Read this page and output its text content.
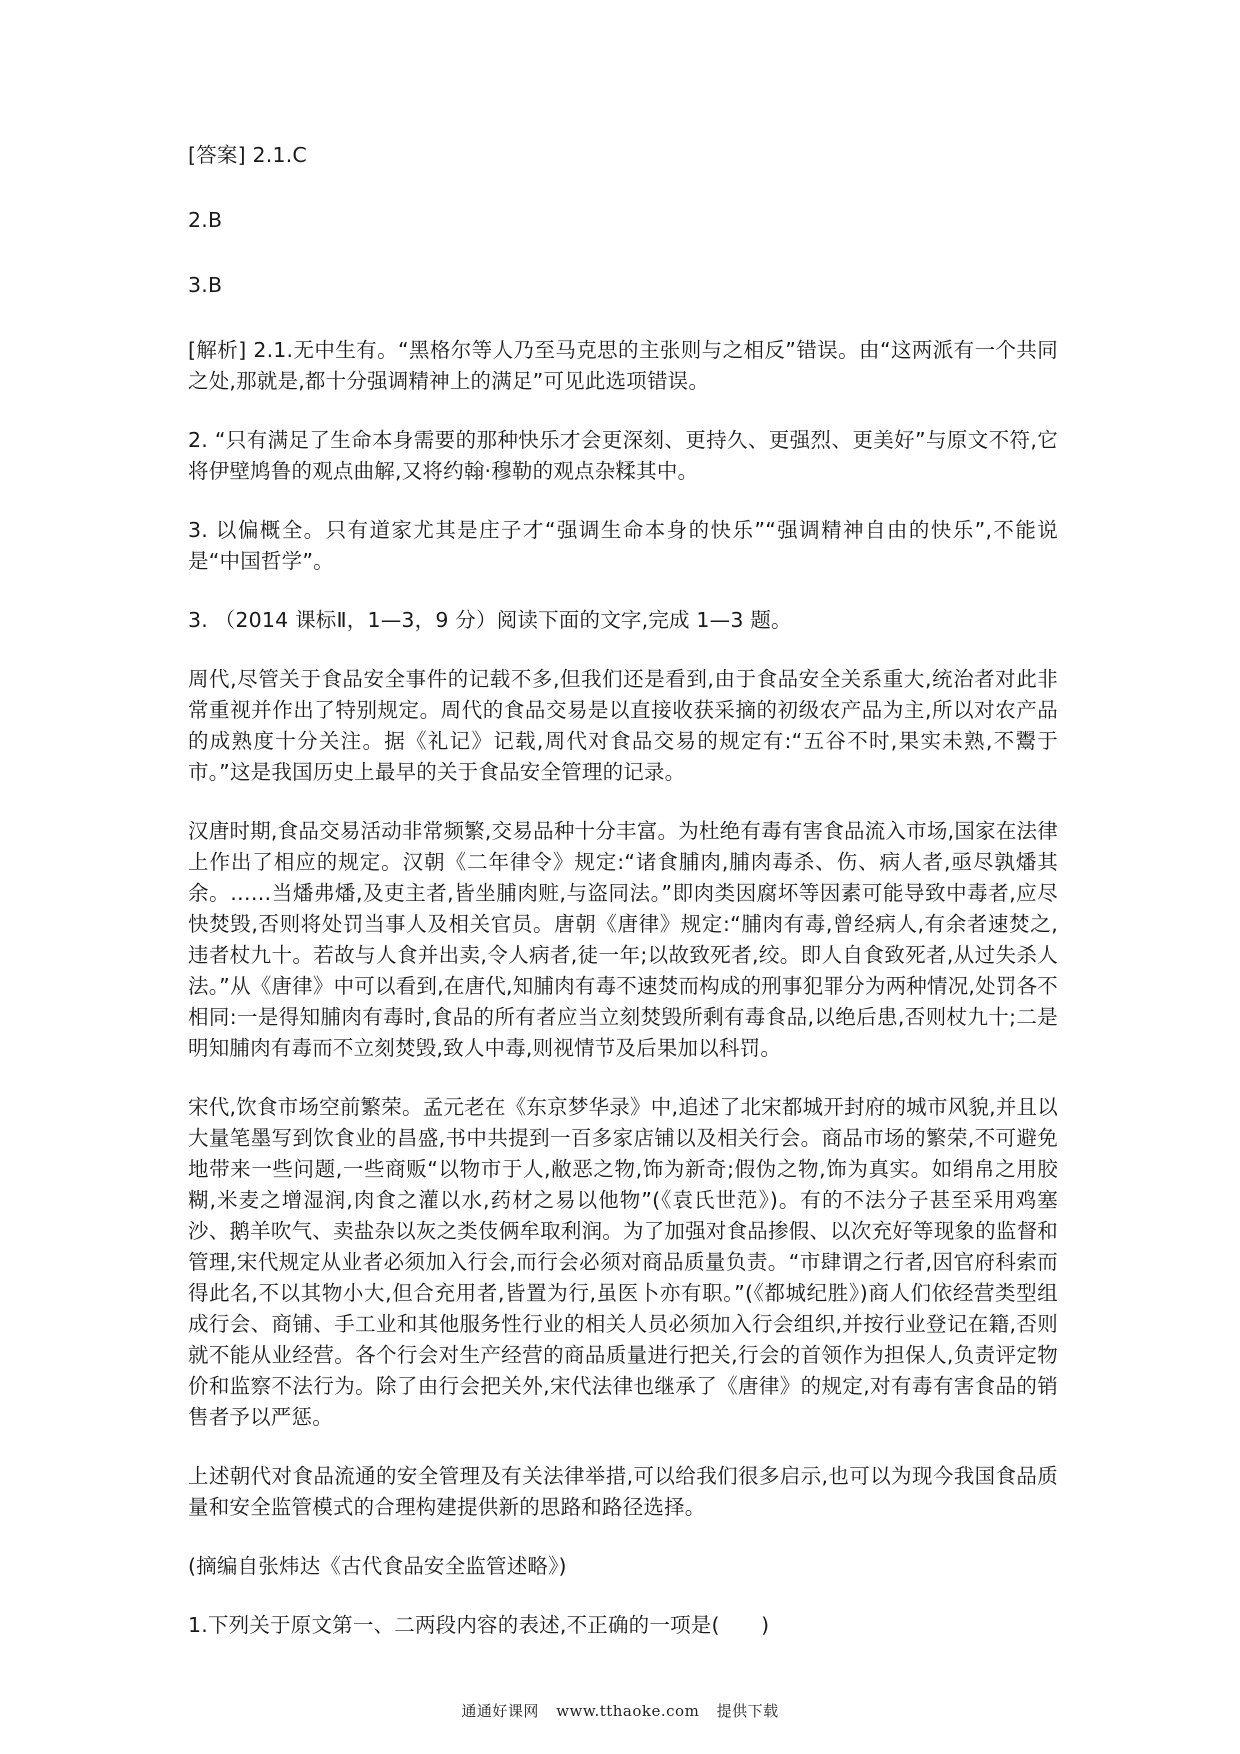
[答案] 2.1.C

2.B

3.B

[解析] 2.1.无中生有。“黑格尔等人乃至马克思的主张则与之相反”错误。由“这两派有一个共同之处,那就是,都十分强调精神上的满足”可见此选项错误。

2. “只有满足了生命本身需要的那种快乐才会更深刻、更持久、更强烈、更美好”与原文不符,它将伊壁鸠鲁的观点曲解,又将约翰·穆勒的观点杂糅其中。

3. 以偏概全。只有道家尤其是庄子才“强调生命本身的快乐”“强调精神自由的快乐”,不能说是“中国哲学”。

3. （2014 课标Ⅱ，1—3，9 分）阅读下面的文字,完成 1—3 题。

周代,尽管关于食品安全事件的记载不多,但我们还是看到,由于食品安全关系重大,统治者对此非常重视并作出了特别规定。周代的食品交易是以直接收获采摘的初级农产品为主,所以对农产品的成熟度十分关注。据《礼记》记载,周代对食品交易的规定有:“五谷不时,果实未熟,不鬻于市。”这是我国历史上最早的关于食品安全管理的记录。

汉唐时期,食品交易活动非常频繁,交易品种十分丰富。为杜绝有毒有害食品流入市场,国家在法律上作出了相应的规定。汉朝《二年律令》规定:“诸食脯肉,脯肉毒杀、伤、病人者,亟尽孰燔其余。……当燔弗燔,及吏主者,皆坐脯肉赃,与盗同法。”即肉类因腐坏等因素可能导致中毒者,应尽快焚毁,否则将处罚当事人及相关官员。唐朝《唐律》规定:“脯肉有毒,曾经病人,有余者速焚之,违者杖九十。若故与人食并出卖,令人病者,徒一年;以故致死者,绞。即人自食致死者,从过失杀人法。”从《唐律》中可以看到,在唐代,知脯肉有毒不速焚而构成的刑事犯罪分为两种情况,处罚各不相同:一是得知脯肉有毒时,食品的所有者应当立刻焚毁所剩有毒食品,以绝后患,否则杖九十;二是明知脯肉有毒而不立刻焚毁,致人中毒,则视情节及后果加以科罚。

宋代,饮食市场空前繁荣。孟元老在《东京梦华录》中,追述了北宋都城开封府的城市风貌,并且以大量笔墨写到饮食业的昌盛,书中共提到一百多家店铺以及相关行会。商品市场的繁荣,不可避免地带来一些问题,一些商贩“以物市于人,敝恶之物,饰为新奇;假伪之物,饰为真实。如绢帛之用胶糊,米麦之增湿润,肉食之灌以水,药材之易以他物”(《袁氏世范》)。有的不法分子甚至采用鸡塞沙、鹅羊吹气、卖盐杂以灰之类伎俩牟取利润。为了加强对食品掺假、以次充好等现象的监督和管理,宋代规定从业者必须加入行会,而行会必须对商品质量负责。“市肆谓之行者,因官府科索而得此名,不以其物小大,但合充用者,皆置为行,虽医卜亦有职。”(《都城纪胜》)商人们依经营类型组成行会、商铺、手工业和其他服务性行业的相关人员必须加入行会组织,并按行业登记在籍,否则就不能从业经营。各个行会对生产经营的商品质量进行把关,行会的首领作为担保人,负责评定物价和监察不法行为。除了由行会把关外,宋代法律也继承了《唐律》的规定,对有毒有害食品的销售者予以严惩。

上述朝代对食品流通的安全管理及有关法律举措,可以给我们很多启示,也可以为现今我国食品质量和安全监管模式的合理构建提供新的思路和路径选择。

(摘编自张炜达《古代食品安全监管述略》)

1.下列关于原文第一、二两段内容的表述,不正确的一项是(　　)

通通好课网 www.tthaoke.com 提供下载
